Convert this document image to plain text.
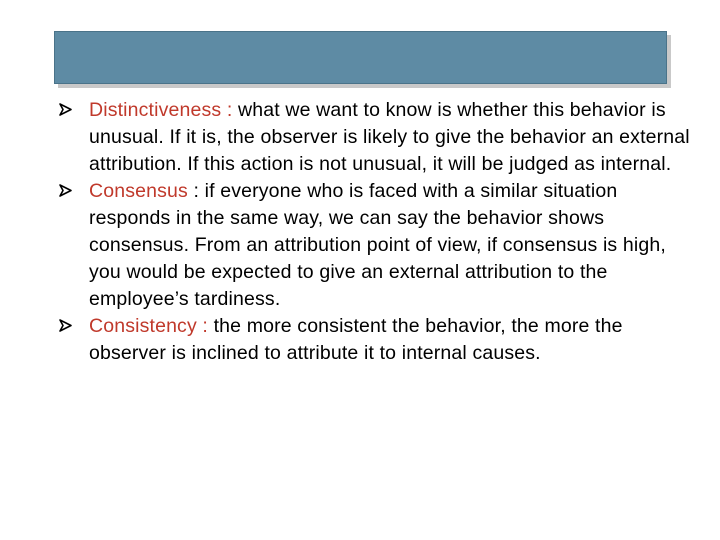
Distinctiveness : what we want to know is whether this behavior is unusual. If it is, the observer is likely to give the behavior an external attribution. If this action is not unusual, it will be judged as internal.
Consensus : if everyone who is faced with a similar situation responds in the same way, we can say the behavior shows consensus. From an attribution point of view, if consensus is high, you would be expected to give an external attribution to the employee’s tardiness.
Consistency : the more consistent the behavior, the more the observer is inclined to attribute it to internal causes.
